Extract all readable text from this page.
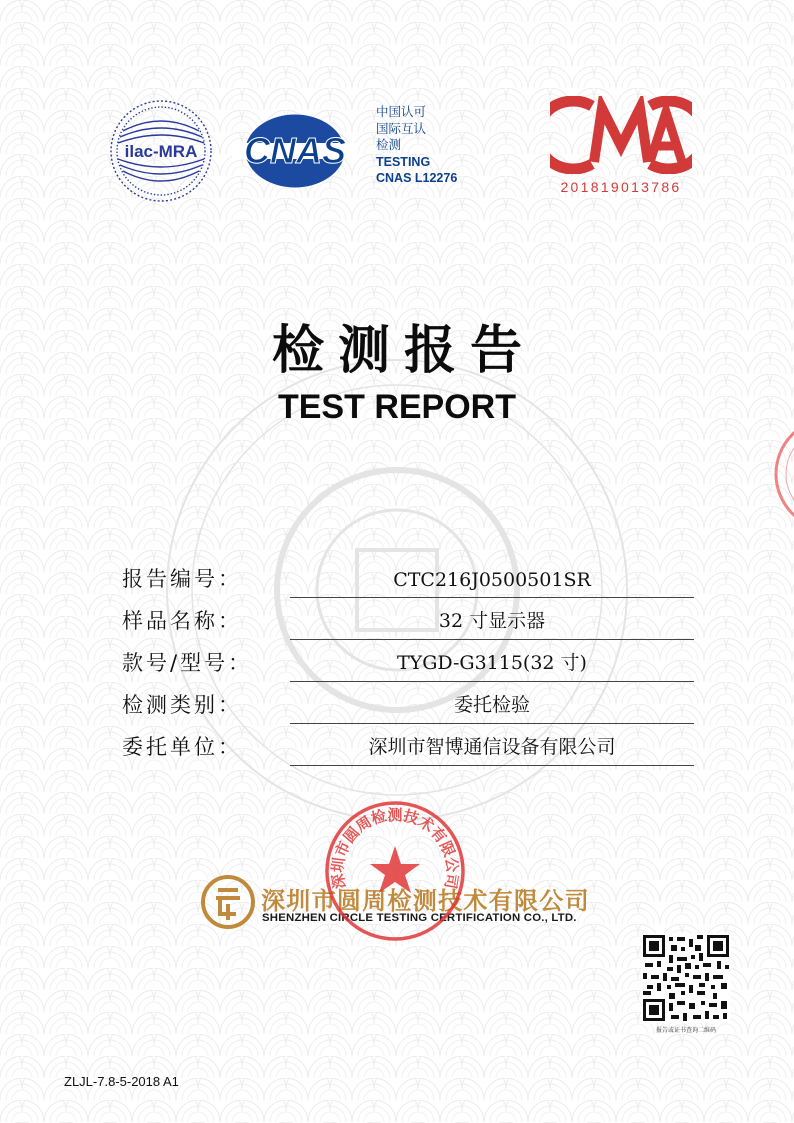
ilac-MRA CNAS
中国认可
国际互认
检测
TESTING
CNAS L12276
201819013786
检测报告
TEST REPORT
报告编号：	CTC216J0500501SR
样品名称：	32 寸显示器
款号/型号：	TYGD-G3115(32 寸)
检测类别：	委托检验
委托单位：	深圳市智博通信设备有限公司
深圳市圆周检测技术有限公司
SHENZHEN CIRCLE TESTING CERTIFICATION CO., LTD.
深圳市圆周检测技术有限公司
报告或证书查询二维码
ZLJL-7.8-5-2018 A1
